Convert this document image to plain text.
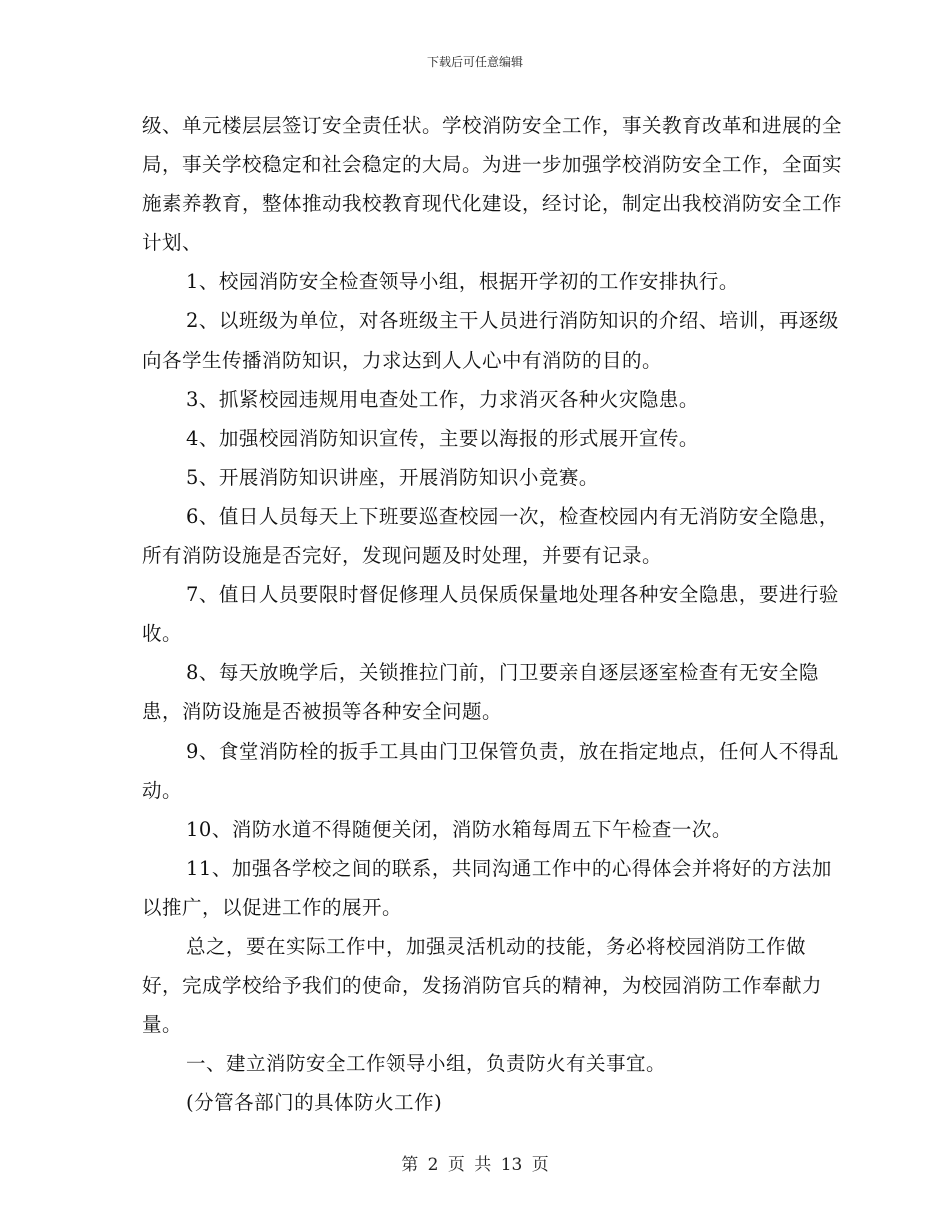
下载后可任意编辑

级、单元楼层层签订安全责任状。学校消防安全工作，事关教育改革和进展的全局，事关学校稳定和社会稳定的大局。为进一步加强学校消防安全工作，全面实施素养教育，整体推动我校教育现代化建设，经讨论，制定出我校消防安全工作计划、

1、校园消防安全检查领导小组，根据开学初的工作安排执行。

2、以班级为单位，对各班级主干人员进行消防知识的介绍、培训，再逐级向各学生传播消防知识，力求达到人人心中有消防的目的。

3、抓紧校园违规用电查处工作，力求消灭各种火灾隐患。

4、加强校园消防知识宣传，主要以海报的形式展开宣传。

5、开展消防知识讲座，开展消防知识小竞赛。

6、值日人员每天上下班要巡查校园一次，检查校园内有无消防安全隐患，所有消防设施是否完好，发现问题及时处理，并要有记录。

7、值日人员要限时督促修理人员保质保量地处理各种安全隐患，要进行验收。

8、每天放晚学后，关锁推拉门前，门卫要亲自逐层逐室检查有无安全隐患，消防设施是否被损等各种安全问题。

9、食堂消防栓的扳手工具由门卫保管负责，放在指定地点，任何人不得乱动。

10、消防水道不得随便关闭，消防水箱每周五下午检查一次。

11、加强各学校之间的联系，共同沟通工作中的心得体会并将好的方法加以推广，以促进工作的展开。

总之，要在实际工作中，加强灵活机动的技能，务必将校园消防工作做好，完成学校给予我们的使命，发扬消防官兵的精神，为校园消防工作奉献力量。

一、建立消防安全工作领导小组，负责防火有关事宜。

(分管各部门的具体防火工作)

第 2 页 共 13 页
